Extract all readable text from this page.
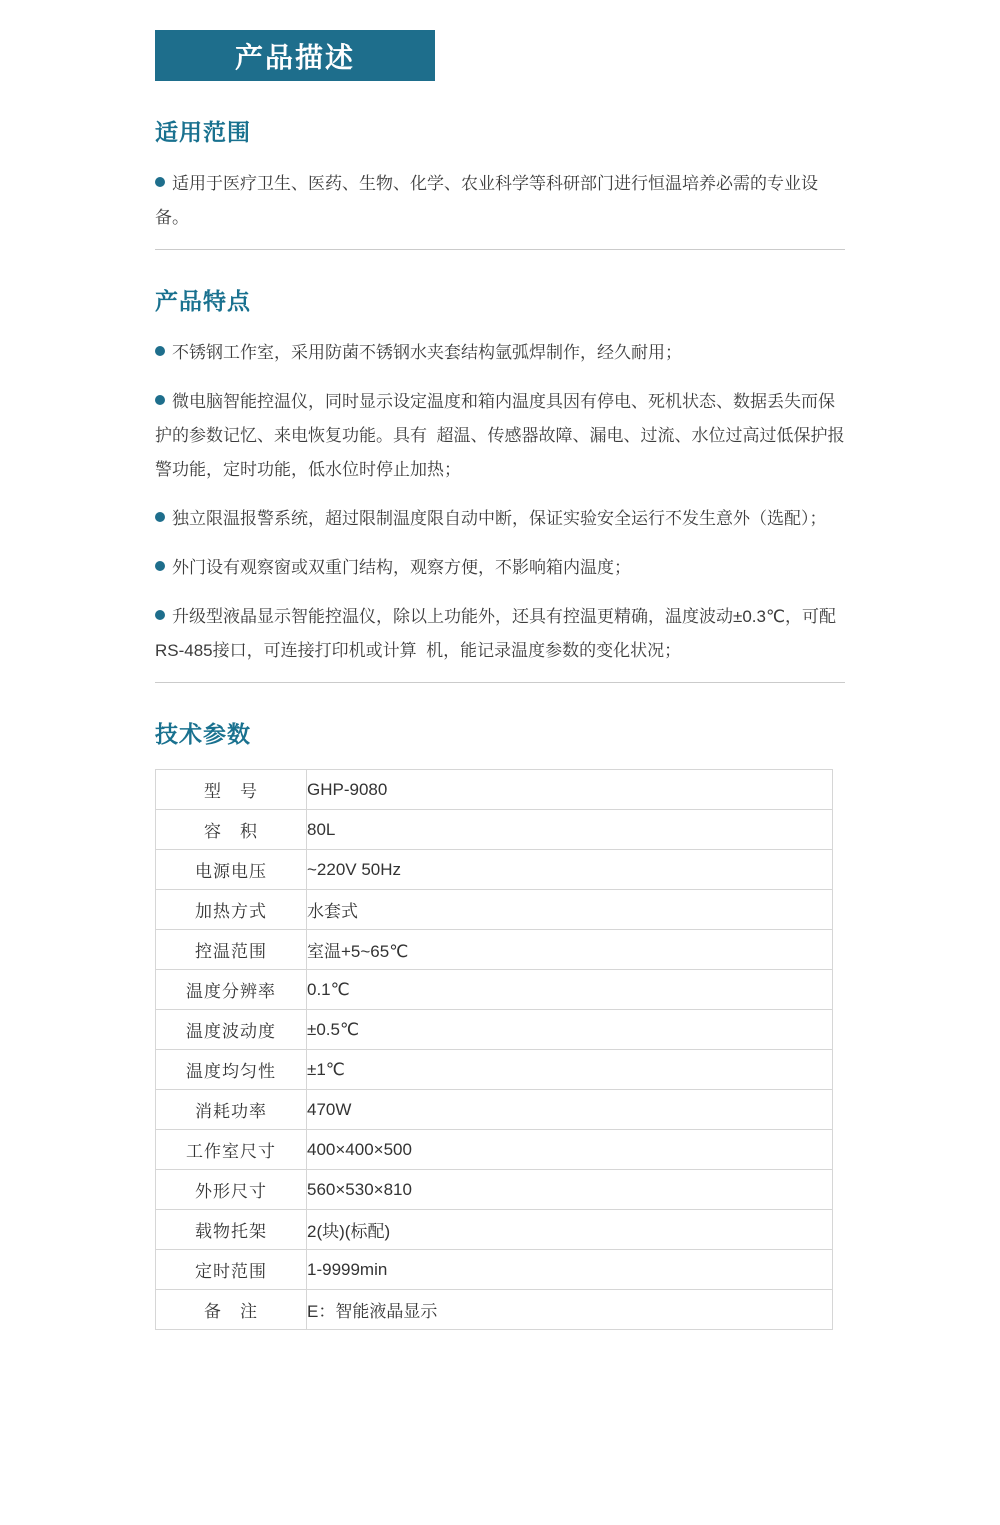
产品描述
适用范围

适用于医疗卫生、医药、生物、化学、农业科学等科研部门进行恒温培养必需的专业设备。

产品特点

不锈钢工作室，采用防菌不锈钢水夹套结构氩弧焊制作，经久耐用；

微电脑智能控温仪，同时显示设定温度和箱内温度具因有停电、死机状态、数据丢失而保护的参数记忆、来电恢复功能。具有  超温、传感器故障、漏电、过流、水位过高过低保护报警功能，定时功能，低水位时停止加热；

独立限温报警系统，超过限制温度限自动中断，保证实验安全运行不发生意外（选配）；

外门设有观察窗或双重门结构，观察方便，不影响箱内温度；

升级型液晶显示智能控温仪，除以上功能外，还具有控温更精确，温度波动±0.3℃，可配RS-485接口，可连接打印机或计算  机，能记录温度参数的变化状况；

技术参数
型　号	GHP-9080
容　积	80L
电源电压	~220V 50Hz
加热方式	水套式
控温范围	室温+5~65℃
温度分辨率	0.1℃
温度波动度	±0.5℃
温度均匀性	±1℃
消耗功率	470W
工作室尺寸	400×400×500
外形尺寸	560×530×810
载物托架	2(块)(标配)
定时范围	1-9999min
备　注	E：智能液晶显示
